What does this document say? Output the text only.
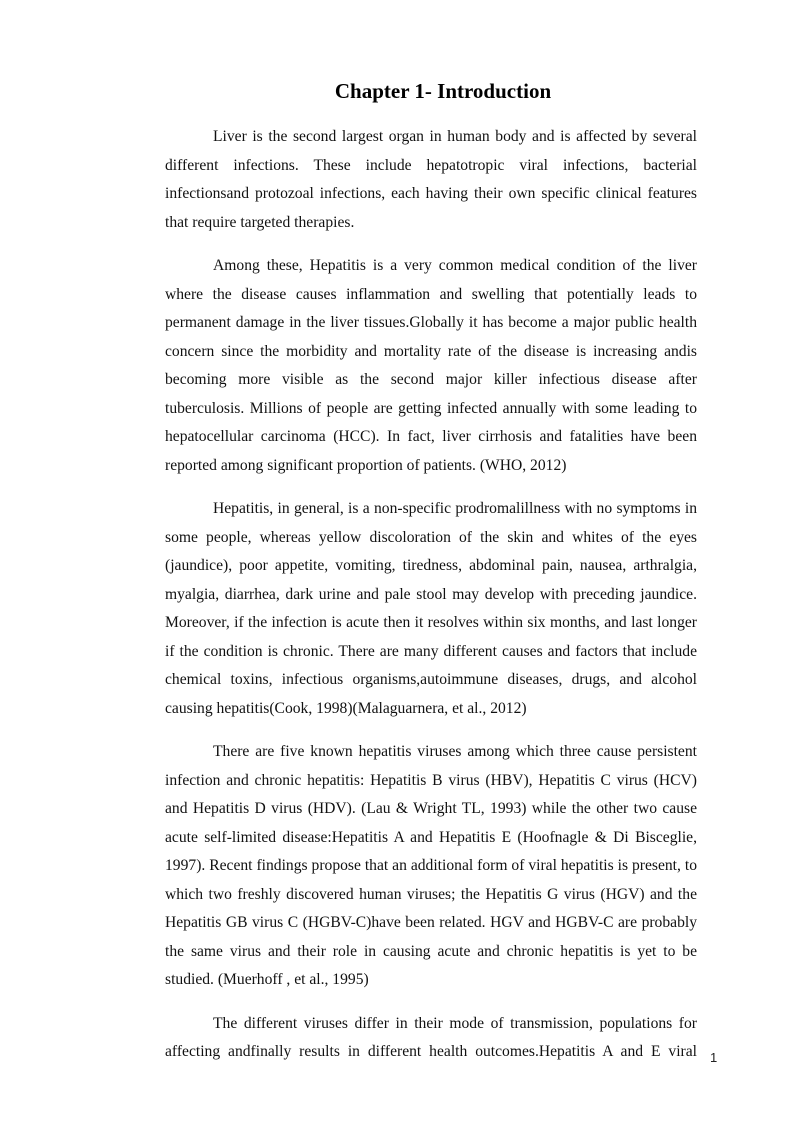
Chapter 1- Introduction

Liver is the second largest organ in human body and is affected by several different infections. These include hepatotropic viral infections, bacterial infectionsand protozoal infections, each having their own specific clinical features that require targeted therapies.

Among these, Hepatitis is a very common medical condition of the liver where the disease causes inflammation and swelling that potentially leads to permanent damage in the liver tissues.Globally it has become a major public health concern since the morbidity and mortality rate of the disease is increasing andis becoming more visible as the second major killer infectious disease after tuberculosis. Millions of people are getting infected annually with some leading to hepatocellular carcinoma (HCC). In fact, liver cirrhosis and fatalities have been reported among significant proportion of patients. (WHO, 2012)

Hepatitis, in general, is a non-specific prodromalillness with no symptoms in some people, whereas yellow discoloration of the skin and whites of the eyes (jaundice), poor appetite, vomiting, tiredness, abdominal pain, nausea, arthralgia, myalgia, diarrhea, dark urine and pale stool may develop with preceding jaundice. Moreover, if the infection is acute then it resolves within six months, and last longer if the condition is chronic. There are many different causes and factors that include chemical toxins, infectious organisms,autoimmune diseases, drugs, and alcohol causing hepatitis(Cook, 1998)(Malaguarnera, et al., 2012)

There are five known hepatitis viruses among which three cause persistent infection and chronic hepatitis: Hepatitis B virus (HBV), Hepatitis C virus (HCV) and Hepatitis D virus (HDV). (Lau & Wright TL, 1993) while the other two cause acute self-limited disease:Hepatitis A and Hepatitis E (Hoofnagle & Di Bisceglie, 1997). Recent findings propose that an additional form of viral hepatitis is present, to which two freshly discovered human viruses; the Hepatitis G virus (HGV) and the Hepatitis GB virus C (HGBV-C)have been related. HGV and HGBV-C are probably the same virus and their role in causing acute and chronic hepatitis is yet to be studied. (Muerhoff , et al., 1995)

The different viruses differ in their mode of transmission, populations for affecting andfinally results in different health outcomes.Hepatitis A and E viral	1
